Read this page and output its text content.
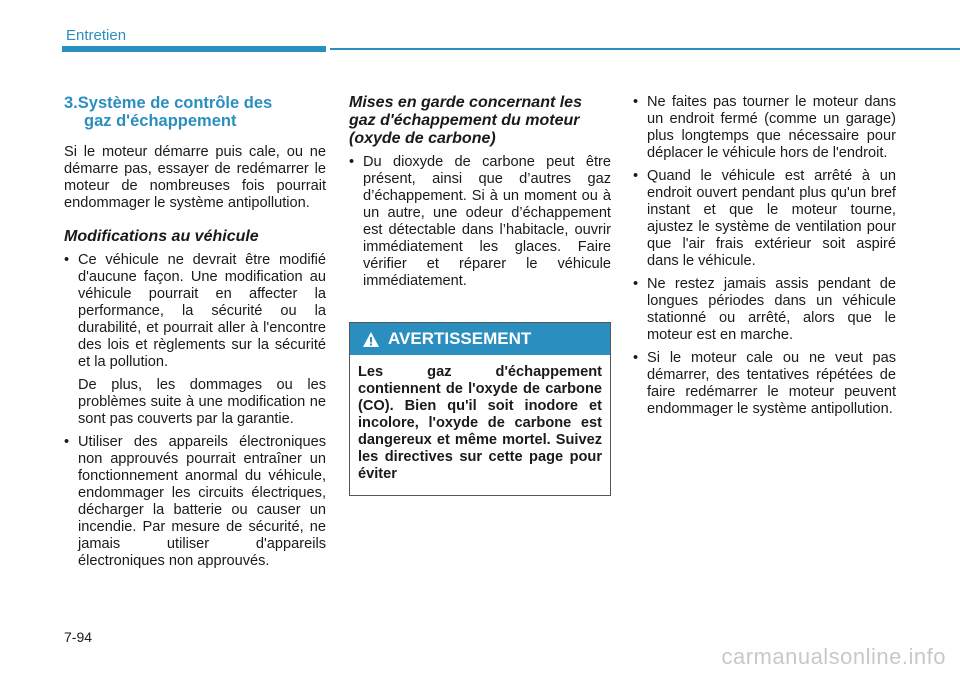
Entretien
3.Système de contrôle des
gaz d'échappement

Si le moteur démarre puis cale, ou ne démarre pas, essayer de redémarrer le moteur de nombreuses fois pourrait endommager le système antipollution.

Modifications au véhicule
• Ce véhicule ne devrait être modifié d'aucune façon. Une modification au véhicule pourrait en affecter la performance, la sécurité ou la durabilité, et pourrait aller à l'encontre des lois et règlements sur la sécurité et la pollution.

De plus, les dommages ou les problèmes suite à une modification ne sont pas couverts par la garantie.

• Utiliser des appareils électroniques non approuvés pourrait entraîner un fonctionnement anormal du véhicule, endommager les circuits électriques, décharger la batterie ou causer un incendie. Par mesure de sécurité, ne jamais utiliser d'appareils électroniques non approuvés.

Mises en garde concernant les gaz d'échappement du moteur (oxyde de carbone)
• Du dioxyde de carbone peut être présent, ainsi que d’autres gaz d’échappement. Si à un moment ou à un autre, une odeur d’échappement est détectable dans l’habitacle, ouvrir immédiatement les glaces. Faire vérifier et réparer le véhicule immédiatement.

AVERTISSEMENT
Les gaz d'échappement contiennent de l'oxyde de carbone (CO). Bien qu'il soit inodore et incolore, l'oxyde de carbone est dangereux et même mortel. Suivez les directives sur cette page pour éviter
• Ne faites pas tourner le moteur dans un endroit fermé (comme un garage) plus longtemps que nécessaire pour déplacer le véhicule hors de l'endroit.

• Quand le véhicule est arrêté à un endroit ouvert pendant plus qu'un bref instant et que le moteur tourne, ajustez le système de ventilation pour que l'air frais extérieur soit aspiré dans le véhicule.

• Ne restez jamais assis pendant de longues périodes dans un véhicule stationné ou arrêté, alors que le moteur est en marche.

• Si le moteur cale ou ne veut pas démarrer, des tentatives répétées de faire redémarrer le moteur peuvent endommager le système antipollution.

7-94
carmanualsonline.info
